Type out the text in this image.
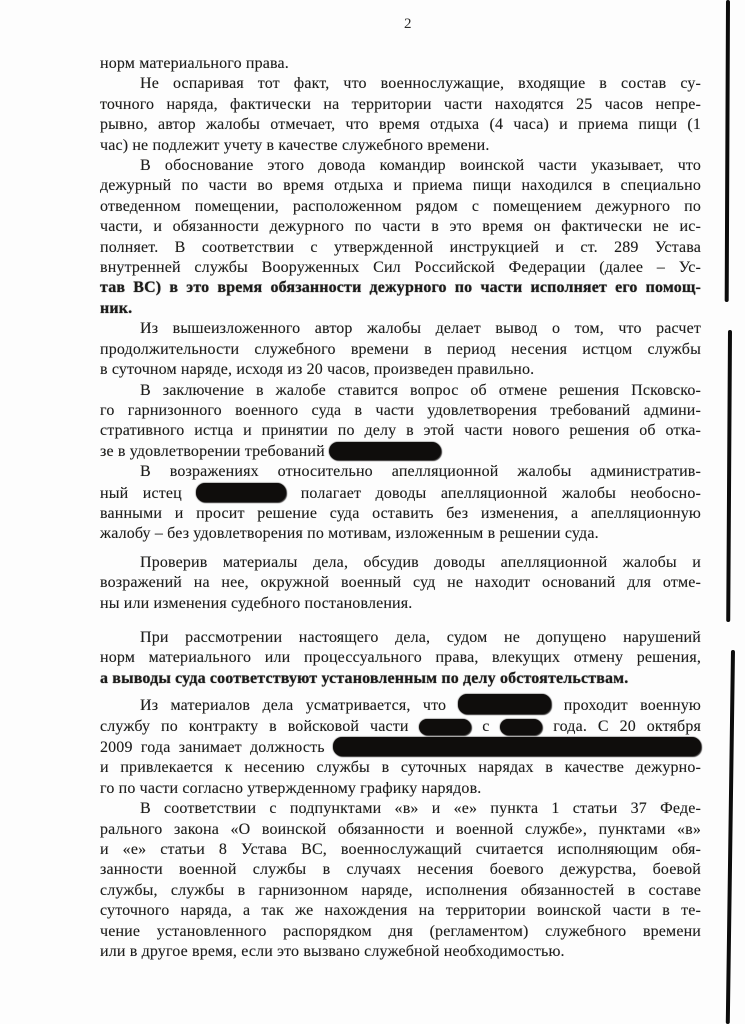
2
норм материального права.
Не оспаривая тот факт, что военнослужащие, входящие в состав су-
точного наряда, фактически на территории части находятся 25 часов непре-
рывно, автор жалобы отмечает, что время отдыха (4 часа) и приема пищи (1
час) не подлежит учету в качестве служебного времени.
В обоснование этого довода командир воинской части указывает, что
дежурный по части во время отдыха и приема пищи находился в специально
отведенном помещении, расположенном рядом с помещением дежурного по
части, и обязанности дежурного по части в это время он фактически не ис-
полняет. В соответствии с утвержденной инструкцией и ст. 289 Устава
внутренней службы Вооруженных Сил Российской Федерации (далее – Ус-
тав ВС) в это время обязанности дежурного по части исполняет его помощ-
ник.
Из вышеизложенного автор жалобы делает вывод о том, что расчет
продолжительности служебного времени в период несения истцом службы
в суточном наряде, исходя из 20 часов, произведен правильно.
В заключение в жалобе ставится вопрос об отмене решения Псковско-
го гарнизонного военного суда в части удовлетворения требований админи-
стративного истца и принятии по делу в этой части нового решения об отка-
зе в удовлетворении требований
В возражениях относительно апелляционной жалобы административ-
ный истец	полагает доводы апелляционной жалобы необосно-
ванными и просит решение суда оставить без изменения, а апелляционную
жалобу – без удовлетворения по мотивам, изложенным в решении суда.
Проверив материалы дела, обсудив доводы апелляционной жалобы и
возражений на нее, окружной военный суд не находит оснований для отме-
ны или изменения судебного постановления.
При рассмотрении настоящего дела, судом не допущено нарушений
норм материального или процессуального права, влекущих отмену решения,
а выводы суда соответствуют установленным по делу обстоятельствам.
Из материалов дела усматривается, что	проходит военную
службу по контракту в войсковой части	с	года. С 20 октября
2009 года занимает должность
и привлекается к несению службы в суточных нарядах в качестве дежурно-
го по части согласно утвержденному графику нарядов.
В соответствии с подпунктами «в» и «е» пункта 1 статьи 37 Феде-
рального закона «О воинской обязанности и военной службе», пунктами «в»
и «е» статьи 8 Устава ВС, военнослужащий считается исполняющим обя-
занности военной службы в случаях несения боевого дежурства, боевой
службы, службы в гарнизонном наряде, исполнения обязанностей в составе
суточного наряда, а так же нахождения на территории воинской части в те-
чение установленного распорядком дня (регламентом) служебного времени
или в другое время, если это вызвано служебной необходимостью.
